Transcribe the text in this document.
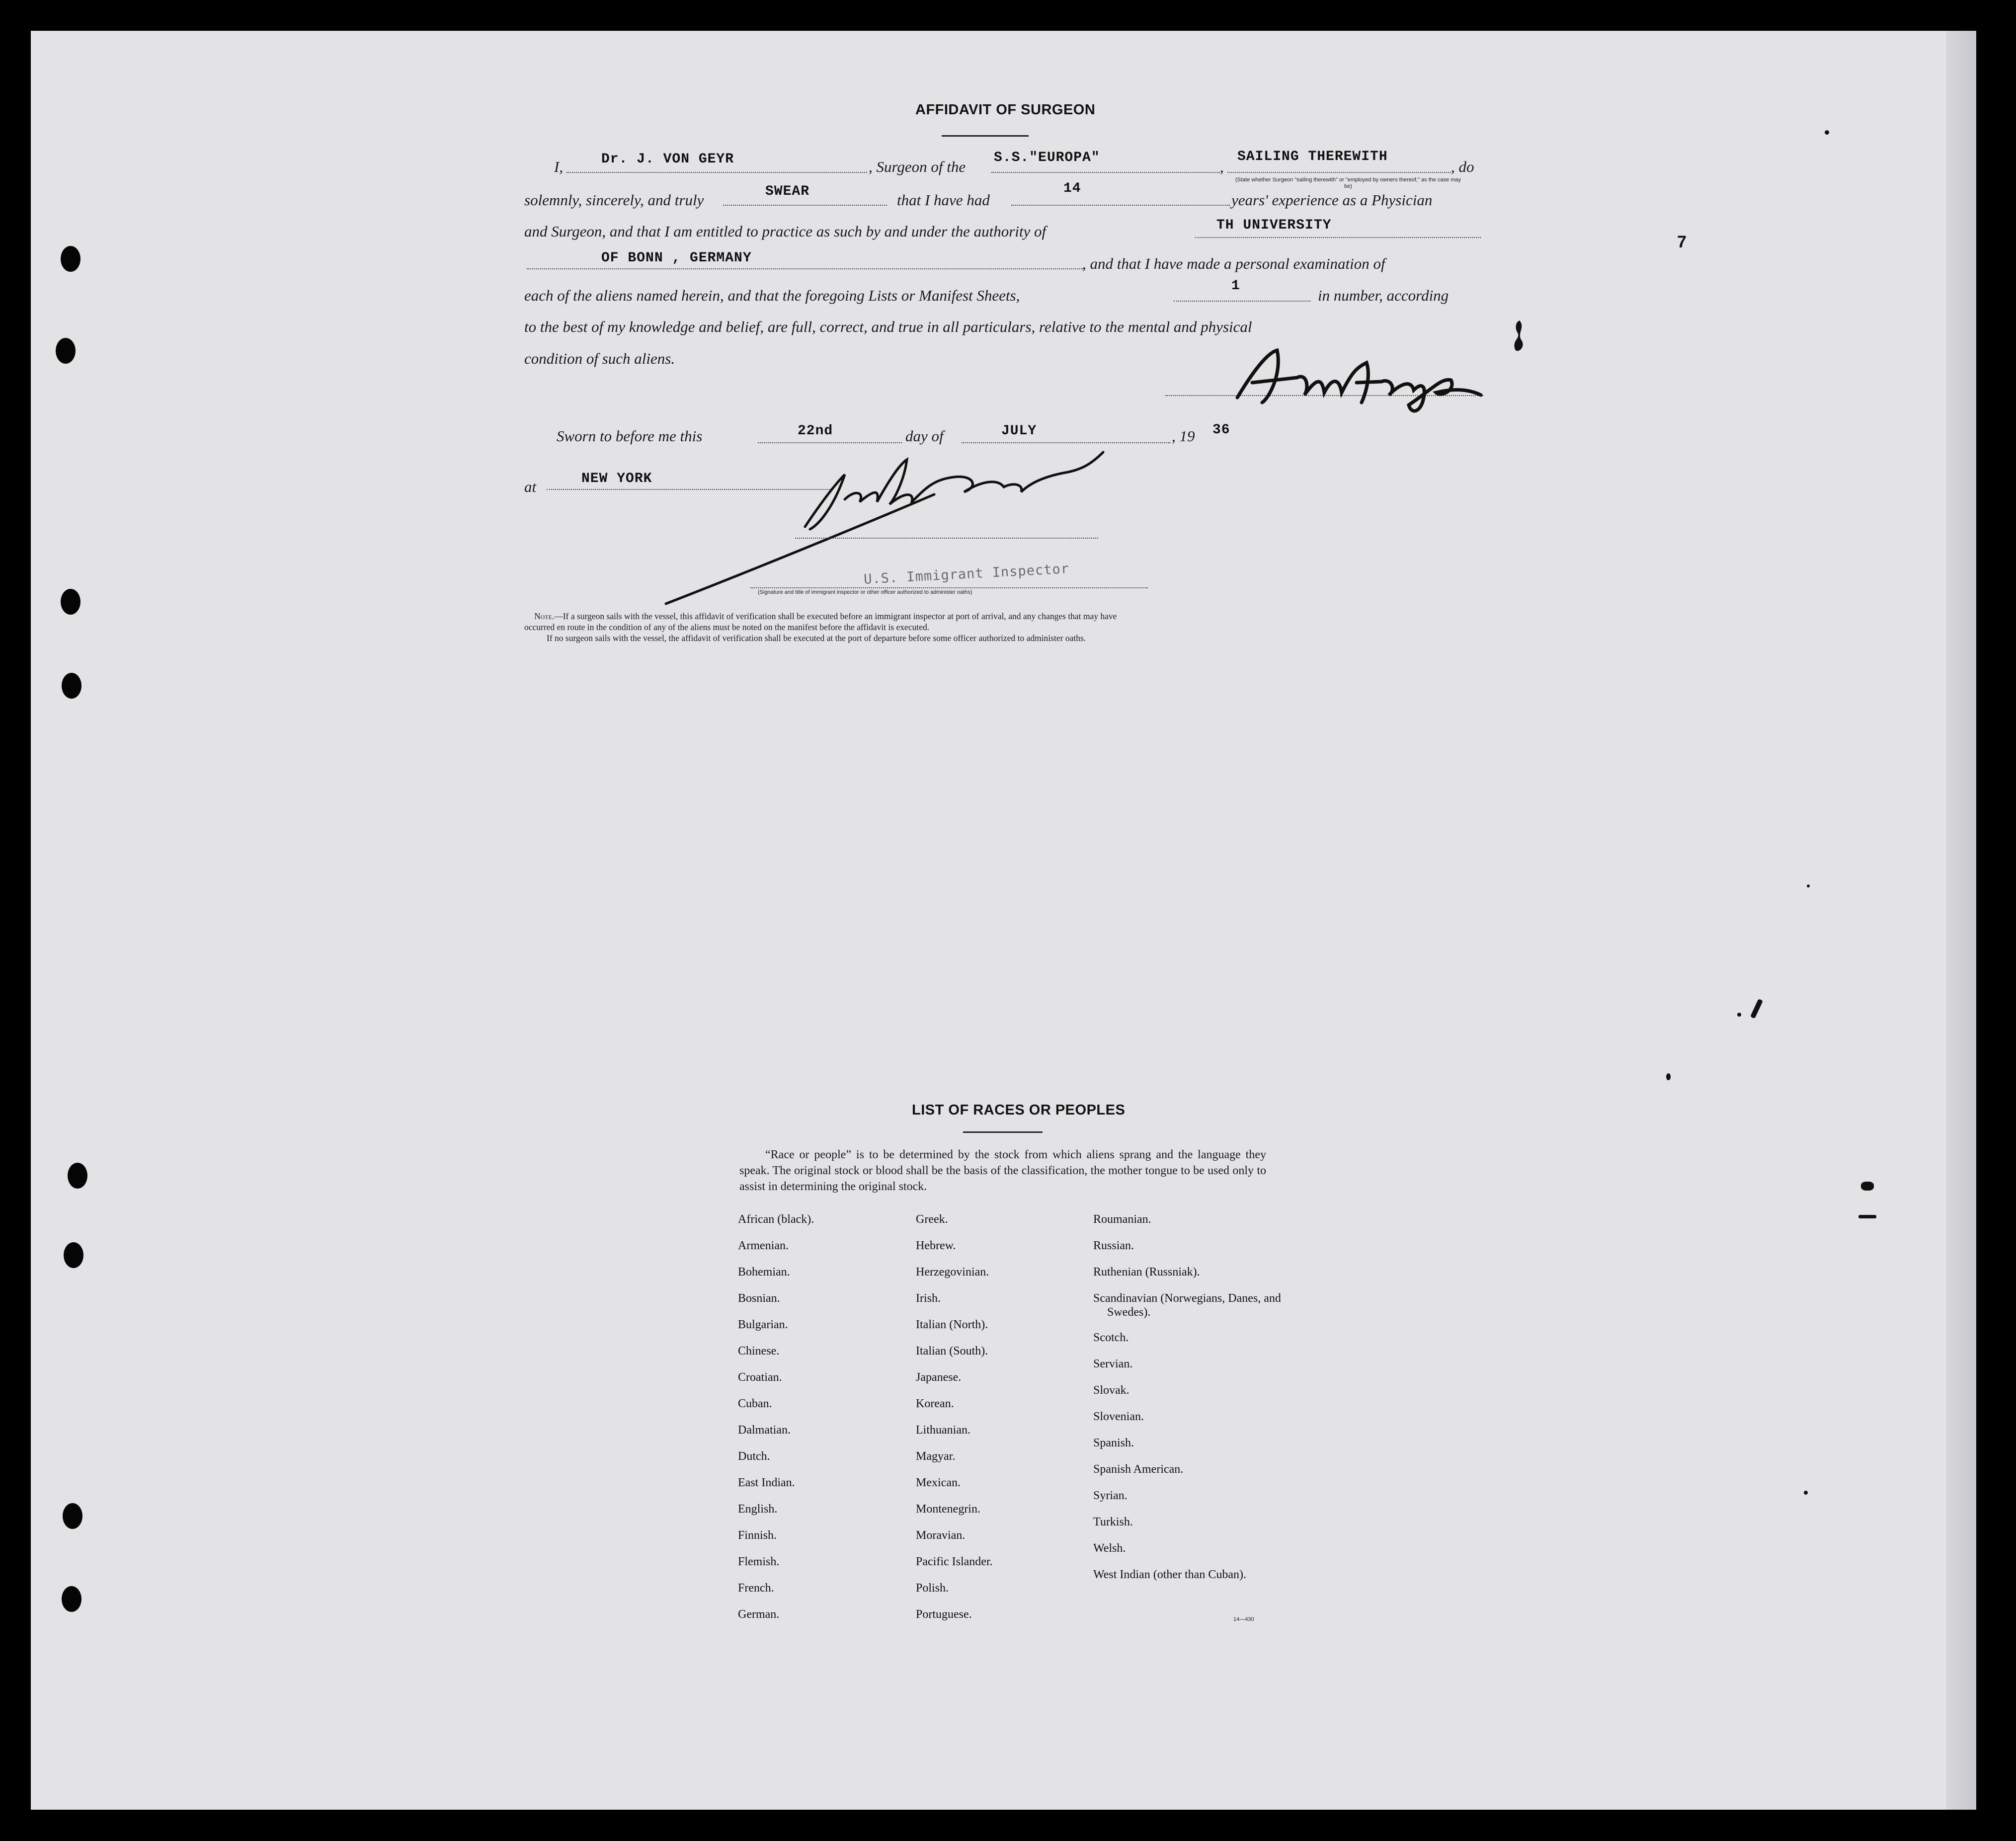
AFFIDAVIT OF SURGEON
I,	Dr. J. VON GEYR	, Surgeon of the
S.S."EUROPA"
,
SAILING THEREWITH
, do
(State whether Surgeon "sailing therewith" or "employed by owners thereof," as the case may be)
solemnly, sincerely, and truly	SWEAR	that I have had
14
years' experience as a Physician
and Surgeon, and that I am entitled to practice as such by and under the authority of	TH UNIVERSITY
OF BONN , GERMANY	, and that I have made a personal examination of
each of the aliens named herein, and that the foregoing Lists or Manifest Sheets,
1
in number, according
to the best of my knowledge and belief, are full, correct, and true in all particulars, relative to the mental and physical
condition of such aliens.
7
Sworn to before me this	22nd	day of	JULY	, 19 36
at	NEW YORK
U.S. Immigrant Inspector
(Signature and title of immigrant inspector or other officer authorized to administer oaths)
Note.—If a surgeon sails with the vessel, this affidavit of verification shall be executed before an immigrant inspector at port of arrival, and any changes that may have
occurred en route in the condition of any of the aliens must be noted on the manifest before the affidavit is executed.
If no surgeon sails with the vessel, the affidavit of verification shall be executed at the port of departure before some officer authorized to administer oaths.
LIST OF RACES OR PEOPLES
“Race or people” is to be determined by the stock from which aliens sprang and the language they speak. The original stock or blood shall be the basis of the classification, the mother tongue to be used only to assist in determining the original stock.
African (black).
Armenian.
Bohemian.
Bosnian.
Bulgarian.
Chinese.
Croatian.
Cuban.
Dalmatian.
Dutch.
East Indian.
English.
Finnish.
Flemish.
French.
German.
Greek.
Hebrew.
Herzegovinian.
Irish.
Italian (North).
Italian (South).
Japanese.
Korean.
Lithuanian.
Magyar.
Mexican.
Montenegrin.
Moravian.
Pacific Islander.
Polish.
Portuguese.
Roumanian.
Russian.
Ruthenian (Russniak).
Scandinavian (Norwegians, Danes, and Swedes).
Scotch.
Servian.
Slovak.
Slovenian.
Spanish.
Spanish American.
Syrian.
Turkish.
Welsh.
West Indian (other than Cuban).
14—430
